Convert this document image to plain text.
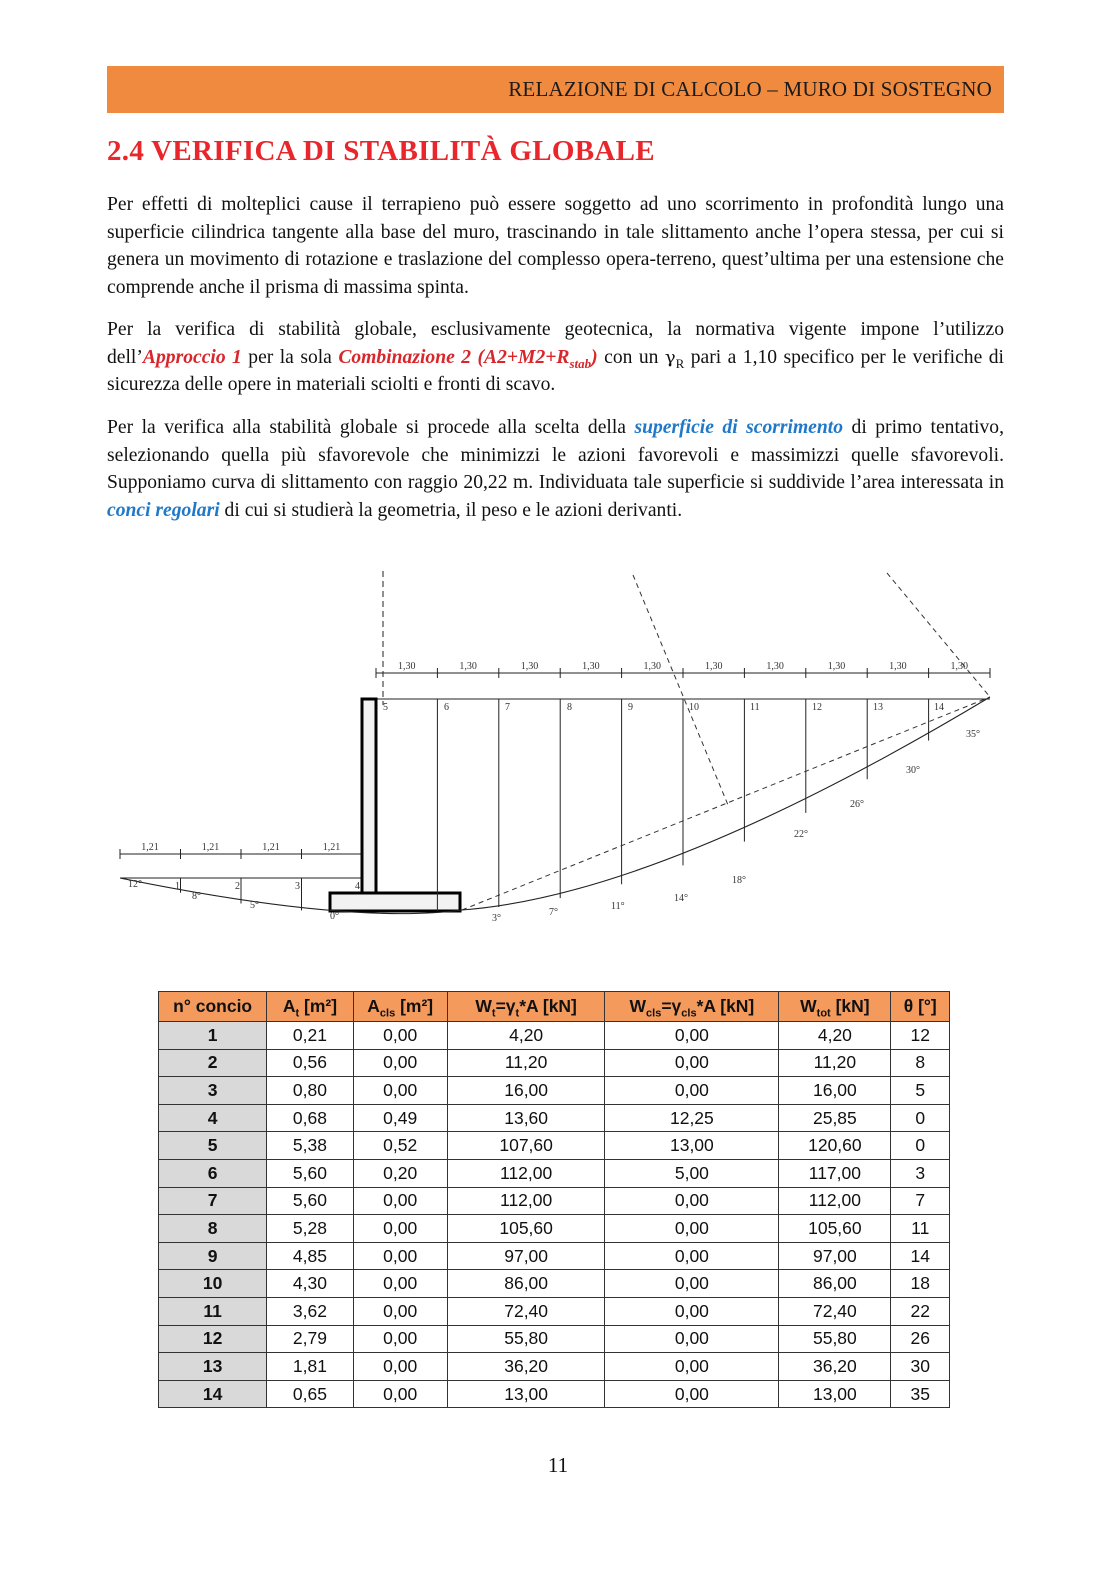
RELAZIONE DI CALCOLO – MURO DI SOSTEGNO
2.4 VERIFICA DI STABILITÀ GLOBALE

Per effetti di molteplici cause il terrapieno può essere soggetto ad uno scorrimento in profondità lungo una superficie cilindrica tangente alla base del muro, trascinando in tale slittamento anche l’opera stessa, per cui si genera un movimento di rotazione e traslazione del complesso opera-terreno, quest’ultima per una estensione che comprende anche il prisma di massima spinta.

Per la verifica di stabilità globale, esclusivamente geotecnica, la normativa vigente impone l’utilizzo dell’Approccio 1 per la sola Combinazione 2 $(A2+M2+R_{stab})$ con un $\gamma_R$ pari a 1,10 specifico per le verifiche di sicurezza delle opere in materiali sciolti e fronti di scavo.

Per la verifica alla stabilità globale si procede alla scelta della superficie di scorrimento di primo tentativo, selezionando quella più sfavorevole che minimizzi le azioni favorevoli e massimizzi quelle sfavorevoli. Supponiamo curva di slittamento con raggio 20,22 m. Individuata tale superficie si suddivide l’area interessata in conci regolari di cui si studierà la geometria, il peso e le azioni derivanti.

1,30	1,30	1,30	1,30	1,30	1,30	1,30	1,30	1,30	1,30
1,21	1,21	1,21	1,21
1	2	3	4
5	6	7	8	9	10	11	12	13	14
12°
8°
5°
0°	3°
7°
11°
14°
18°
22°
26°
30°
35°
n° concio	$A_t$ [m²]	$A_{cls}$ [m²]	$W_t=\gamma_t*A$ [kN]	$W_{cls}=\gamma_{cls}*A$ [kN]	$W_{tot}$ [kN]	θ [°]
1	0,21	0,00	4,20	0,00	4,20	12
2	0,56	0,00	11,20	0,00	11,20	8
3	0,80	0,00	16,00	0,00	16,00	5
4	0,68	0,49	13,60	12,25	25,85	0
5	5,38	0,52	107,60	13,00	120,60	0
6	5,60	0,20	112,00	5,00	117,00	3
7	5,60	0,00	112,00	0,00	112,00	7
8	5,28	0,00	105,60	0,00	105,60	11
9	4,85	0,00	97,00	0,00	97,00	14
10	4,30	0,00	86,00	0,00	86,00	18
11	3,62	0,00	72,40	0,00	72,40	22
12	2,79	0,00	55,80	0,00	55,80	26
13	1,81	0,00	36,20	0,00	36,20	30
14	0,65	0,00	13,00	0,00	13,00	35
11
